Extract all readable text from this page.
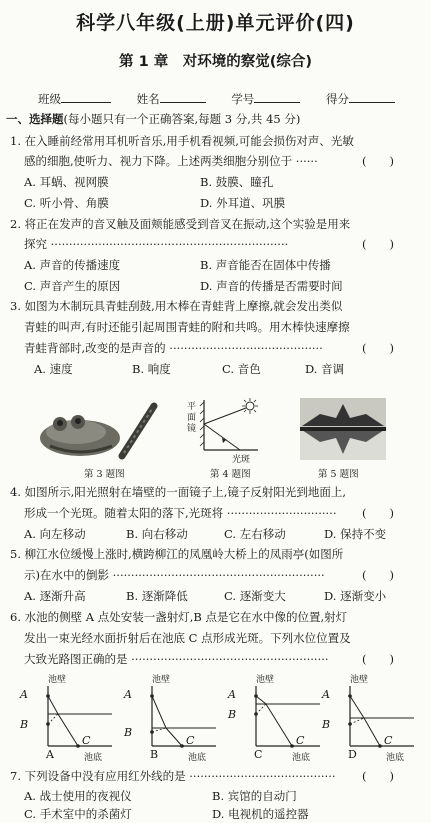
科学八年级(上册)单元评价(四)
第 1 章　对环境的察觉(综合)
班级	姓名	学号	得分
一、选择题(每小题只有一个正确答案,每题 3 分,共 45 分)
1. 在入睡前经常用耳机听音乐,用手机看视频,可能会损伤对声、光敏
感的细胞,使听力、视力下降。上述两类细胞分别位于 ······	(　　)
A. 耳蜗、视网膜	B. 鼓膜、瞳孔
C. 听小骨、角膜	D. 外耳道、巩膜
2. 将正在发声的音叉触及面颊能感受到音叉在振动,这个实验是用来
探究 ·································································	(　　)
A. 声音的传播速度	B. 声音能否在固体中传播
C. 声音产生的原因	D. 声音的传播是否需要时间
3. 如图为木制玩具青蛙刮鼓,用木棒在青蛙背上摩擦,就会发出类似
青蛙的叫声,有时还能引起周围青蛙的附和共鸣。用木棒快速摩擦
青蛙背部时,改变的是声音的 ··········································	(　　)
A. 速度	B. 响度	C. 音色	D. 音调
平
面
镜
光斑
第 3 题图	第 4 题图	第 5 题图
4. 如图所示,阳光照射在墙壁的一面镜子上,镜子反射阳光到地面上,
形成一个光斑。随着太阳的落下,光斑将 ······························	(　　)
A. 向左移动	B. 向右移动	C. 左右移动	D. 保持不变
5. 柳江水位缓慢上涨时,横跨柳江的凤凰岭大桥上的凤雨亭(如图所
示)在水中的倒影 ··························································	(　　)
A. 逐渐升高	B. 逐渐降低	C. 逐渐变大	D. 逐渐变小
6. 水池的侧壁 A 点处安装一盏射灯,B 点是它在水中像的位置,射灯
发出一束光经水面折射后在池底 C 点形成光斑。下列水位位置及
大致光路图正确的是 ······················································	(　　)
池壁
A
B
C
池底
A
池壁
A
B
C
池底
B
池壁
A
B
C
池底
C
池壁
A
B
C
池底
D
7. 下列设备中没有应用红外线的是 ········································	(　　)
A. 战士使用的夜视仪	B. 宾馆的自动门
C. 手术室中的杀菌灯	D. 电视机的遥控器
